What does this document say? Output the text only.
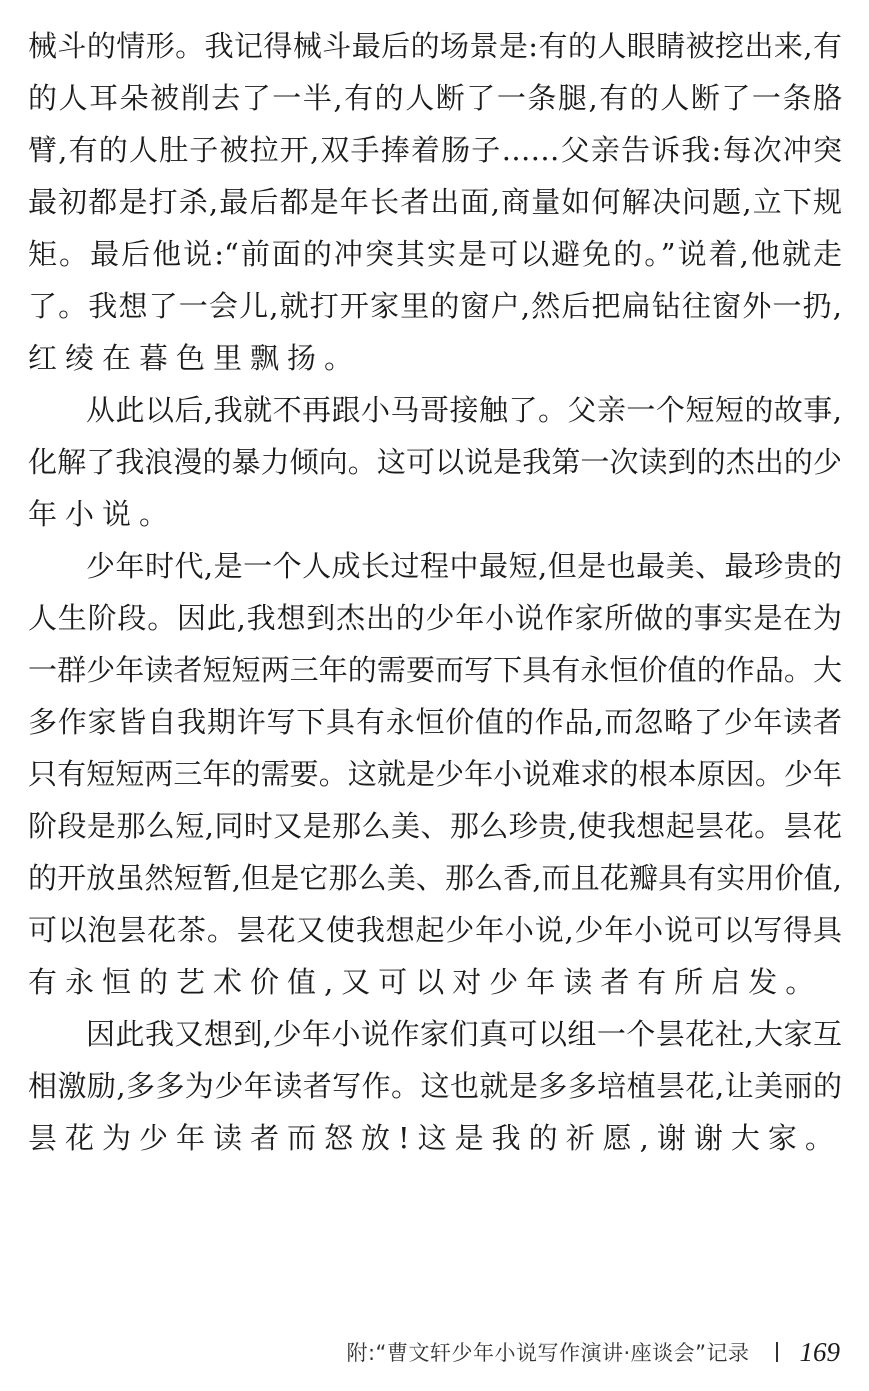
械斗的情形。我记得械斗最后的场景是:有的人眼睛被挖出来,有
的人耳朵被削去了一半,有的人断了一条腿,有的人断了一条胳
臂,有的人肚子被拉开,双手捧着肠子……父亲告诉我:每次冲突
最初都是打杀,最后都是年长者出面,商量如何解决问题,立下规
矩。最后他说:“前面的冲突其实是可以避免的。”说着,他就走
了。我想了一会儿,就打开家里的窗户,然后把扁钻往窗外一扔,
红绫在暮色里飘扬。
从此以后,我就不再跟小马哥接触了。父亲一个短短的故事,
化解了我浪漫的暴力倾向。这可以说是我第一次读到的杰出的少
年小说。
少年时代,是一个人成长过程中最短,但是也最美、最珍贵的
人生阶段。因此,我想到杰出的少年小说作家所做的事实是在为
一群少年读者短短两三年的需要而写下具有永恒价值的作品。大
多作家皆自我期许写下具有永恒价值的作品,而忽略了少年读者
只有短短两三年的需要。这就是少年小说难求的根本原因。少年
阶段是那么短,同时又是那么美、那么珍贵,使我想起昙花。昙花
的开放虽然短暂,但是它那么美、那么香,而且花瓣具有实用价值,
可以泡昙花茶。昙花又使我想起少年小说,少年小说可以写得具
有永恒的艺术价值,又可以对少年读者有所启发。
因此我又想到,少年小说作家们真可以组一个昙花社,大家互
相激励,多多为少年读者写作。这也就是多多培植昙花,让美丽的
昙花为少年读者而怒放!这是我的祈愿,谢谢大家。
附:“曹文轩少年小说写作演讲·座谈会”记录 169
